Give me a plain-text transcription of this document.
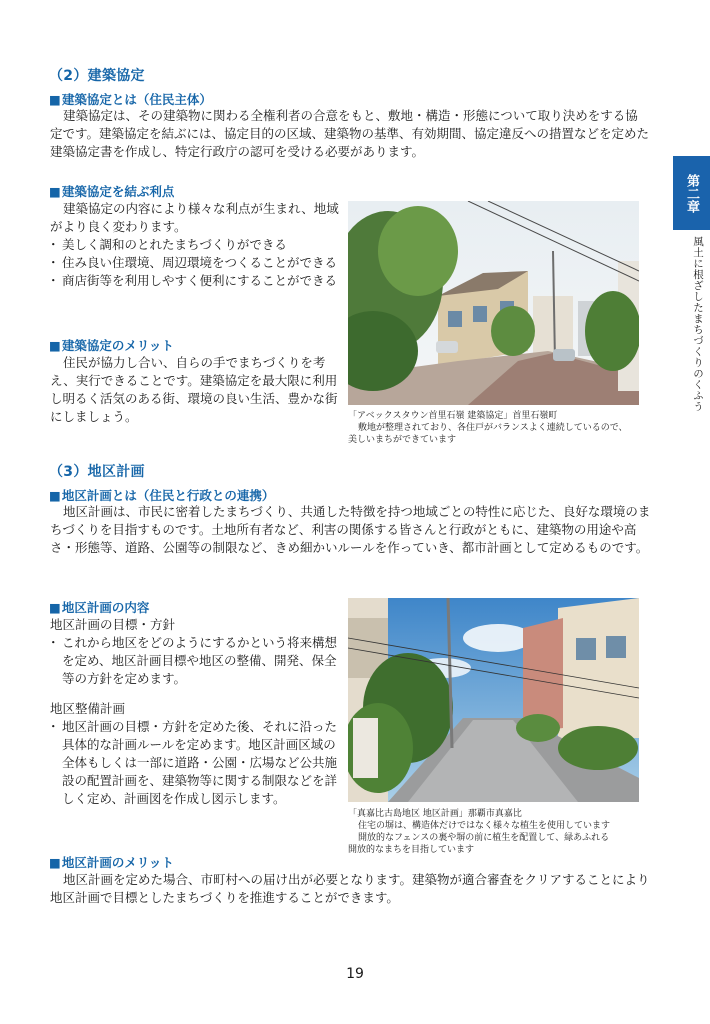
第二章
風土に根ざしたまちづくりのくふう
（2）建築協定
■ 建築協定とは（住民主体）
建築協定は、その建築物に関わる全権利者の合意をもと、敷地・構造・形態について取り決めをする協定です。建築協定を結ぶには、協定目的の区域、建築物の基準、有効期間、協定違反への措置などを定めた建築協定書を作成し、特定行政庁の認可を受ける必要があります。
■ 建築協定を結ぶ利点
建築協定の内容により様々な利点が生まれ、地域がより良く変わります。
・ 美しく調和のとれたまちづくりができる
・ 住み良い住環境、周辺環境をつくることができる
・ 商店街等を利用しやすく便利にすることができる
■ 建築協定のメリット
住民が協力し合い、自らの手でまちづくりを考え、実行できることです。建築協定を最大限に利用し明るく活気のある街、環境の良い生活、豊かな街にしましょう。	「アベックスタウン首里石嶺 建築協定」首里石嶺町
敷地が整理されており、各住戸がバランスよく連続しているので、
美しいまちができています
（3）地区計画
■ 地区計画とは（住民と行政との連携）
地区計画は、市民に密着したまちづくり、共通した特徴を持つ地域ごとの特性に応じた、良好な環境のまちづくりを目指すものです。土地所有者など、利害の関係する皆さんと行政がともに、建築物の用途や高さ・形態等、道路、公園等の制限など、きめ細かいルールを作っていき、都市計画として定めるものです。
■ 地区計画の内容
地区計画の目標・方針
・ これから地区をどのようにするかという将来構想を定め、地区計画目標や地区の整備、開発、保全等の方針を定めます。
地区整備計画
・ 地区計画の目標・方針を定めた後、それに沿った具体的な計画ルールを定めます。地区計画区域の全体もしくは一部に道路・公園・広場など公共施設の配置計画を、建築物等に関する制限などを詳しく定め、計画図を作成し図示します。
■ 地区計画のメリット
地区計画を定めた場合、市町村への届け出が必要となります。建築物が適合審査をクリアすることにより地区計画で目標としたまちづくりを推進することができます。
「真嘉比古島地区 地区計画」那覇市真嘉比
住宅の塀は、構造体だけではなく様々な植生を使用しています
開放的なフェンスの裏や塀の前に植生を配置して、緑あふれる
開放的なまちを目指しています
19
